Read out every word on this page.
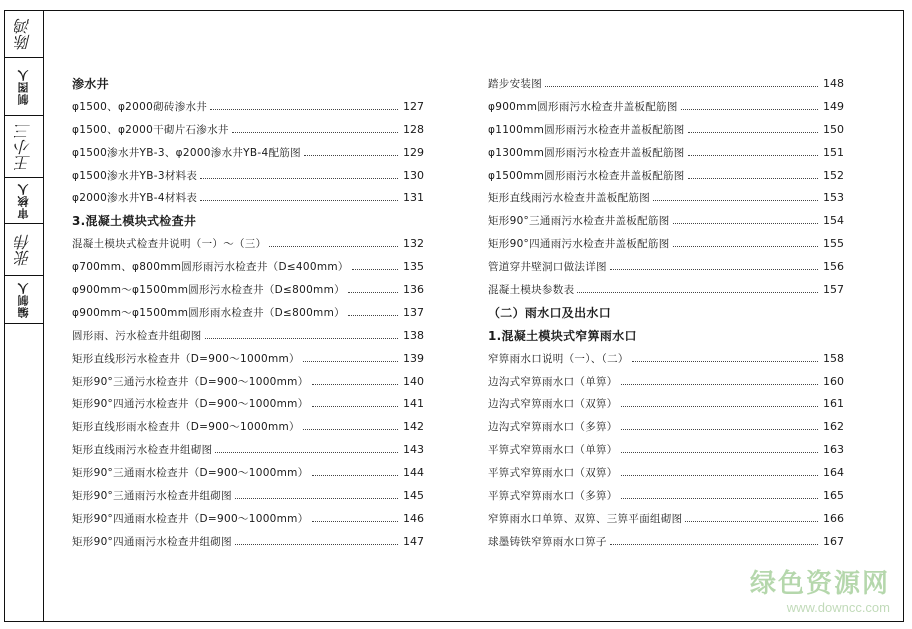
陈鸿
制图人
王小三
审核人
张伟
编制人
渗水井
φ1500、φ2000砌砖渗水井	127
φ1500、φ2000干砌片石渗水井	128
φ1500渗水井YB-3、φ2000渗水井YB-4配筋图	129
φ1500渗水井YB-3材料表	130
φ2000渗水井YB-4材料表	131
3.混凝土模块式检查井
混凝土模块式检查井说明（一）～（三）	132
φ700mm、φ800mm圆形雨污水检查井（D≤400mm）	135
φ900mm～φ1500mm圆形污水检查井（D≤800mm）	136
φ900mm～φ1500mm圆形雨水检查井（D≤800mm）	137
圆形雨、污水检查井组砌图	138
矩形直线形污水检查井（D=900～1000mm）	139
矩形90°三通污水检查井（D=900～1000mm）	140
矩形90°四通污水检查井（D=900～1000mm）	141
矩形直线形雨水检查井（D=900～1000mm）	142
矩形直线雨污水检查井组砌图	143
矩形90°三通雨水检查井（D=900～1000mm）	144
矩形90°三通雨污水检查井组砌图	145
矩形90°四通雨水检查井（D=900～1000mm）	146
矩形90°四通雨污水检查井组砌图	147
踏步安装图	148
φ900mm圆形雨污水检查井盖板配筋图	149
φ1100mm圆形雨污水检查井盖板配筋图	150
φ1300mm圆形雨污水检查井盖板配筋图	151
φ1500mm圆形雨污水检查井盖板配筋图	152
矩形直线雨污水检查井盖板配筋图	153
矩形90°三通雨污水检查井盖板配筋图	154
矩形90°四通雨污水检查井盖板配筋图	155
管道穿井壁洞口做法详图	156
混凝土模块参数表	157
（二）雨水口及出水口
1.混凝土模块式窄箅雨水口
窄箅雨水口说明（一）、（二）	158
边沟式窄箅雨水口（单箅）	160
边沟式窄箅雨水口（双箅）	161
边沟式窄箅雨水口（多箅）	162
平箅式窄箅雨水口（单箅）	163
平箅式窄箅雨水口（双箅）	164
平箅式窄箅雨水口（多箅）	165
窄箅雨水口单箅、双箅、三箅平面组砌图	166
球墨铸铁窄箅雨水口箅子	167
绿色资源网
www.downcc.com
